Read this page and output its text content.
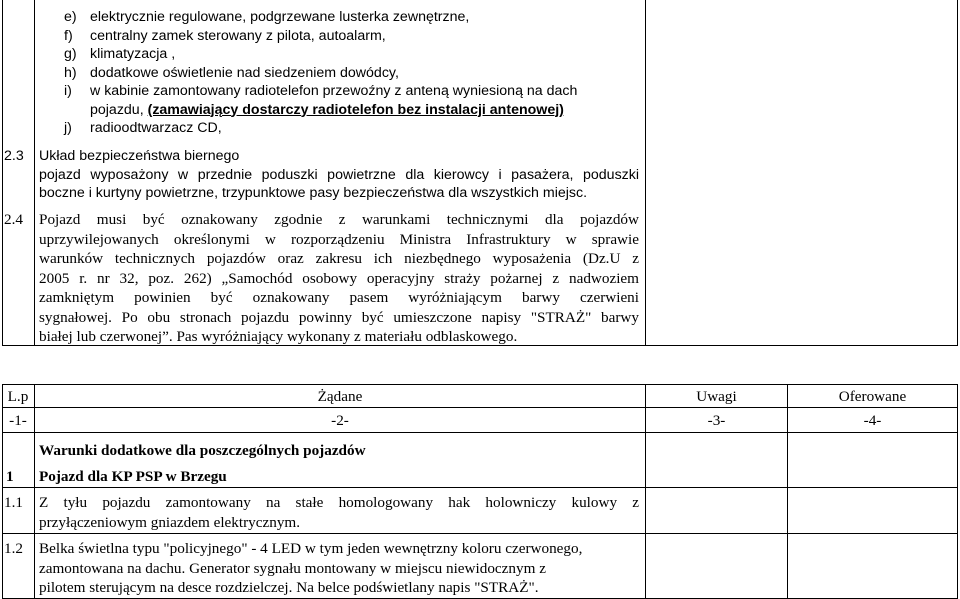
e) elektrycznie regulowane, podgrzewane lusterka zewnętrzne,
f) centralny zamek sterowany z pilota, autoalarm,
g) klimatyzacja ,
h) dodatkowe oświetlenie nad siedzeniem dowódcy,
i) w kabinie zamontowany radiotelefon przewoźny z anteną wyniesioną na dach
pojazdu, (zamawiający dostarczy radiotelefon bez instalacji antenowej)
j) radioodtwarzacz CD,
2.3	Układ bezpieczeństwa biernego
pojazd wyposażony w przednie poduszki powietrzne dla kierowcy i pasażera, poduszki
boczne i kurtyny powietrzne, trzypunktowe pasy bezpieczeństwa dla wszystkich miejsc.
2.4	Pojazd musi być oznakowany zgodnie z warunkami technicznymi dla pojazdów
uprzywilejowanych określonymi w rozporządzeniu Ministra Infrastruktury w sprawie
warunków technicznych pojazdów oraz zakresu ich niezbędnego wyposażenia (Dz.U z
2005 r. nr 32, poz. 262) „Samochód osobowy operacyjny straży pożarnej z nadwoziem
zamkniętym powinien być oznakowany pasem wyróżniającym barwy czerwieni
sygnałowej. Po obu stronach pojazdu powinny być umieszczone napisy "STRAŻ" barwy
białej lub czerwonej”. Pas wyróżniający wykonany z materiału odblaskowego.
L.p	Żądane	Uwagi	Oferowane
-1-	-2-	-3-	-4-
Warunki dodatkowe dla poszczególnych pojazdów
1	Pojazd dla KP PSP w Brzegu
1.1	Z tyłu pojazdu zamontowany na stałe homologowany hak holowniczy kulowy z
przyłączeniowym gniazdem elektrycznym.
1.2	Belka świetlna typu "policyjnego" - 4 LED w tym jeden wewnętrzny koloru czerwonego,
zamontowana na dachu. Generator sygnału montowany w miejscu niewidocznym z
pilotem sterującym na desce rozdzielczej. Na belce podświetlany napis "STRAŻ".
